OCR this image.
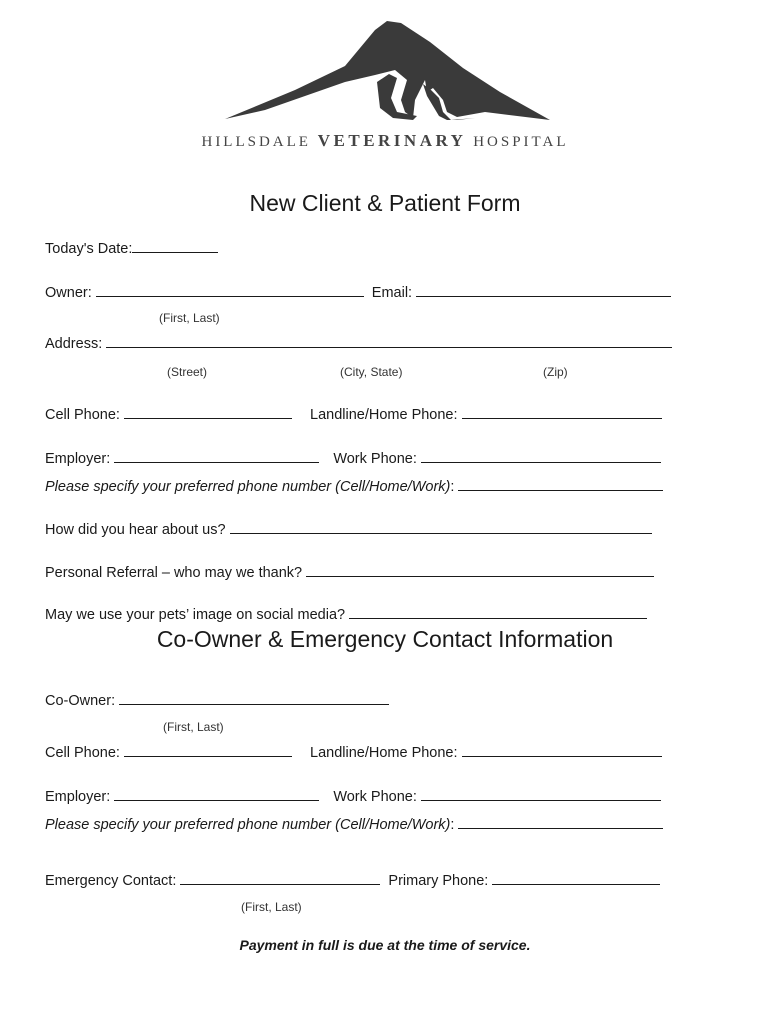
HILLSDALE VETERINARY HOSPITAL
New Client & Patient Form
Today's Date:
Owner:	Email:
(First, Last)
Address:
(Street)	(City, State)	(Zip)
Cell Phone:	Landline/Home Phone:
Employer:	Work Phone:
Please specify your preferred phone number (Cell/Home/Work):
How did you hear about us?
Personal Referral – who may we thank?
May we use your pets’ image on social media?
Co-Owner & Emergency Contact Information
Co-Owner:
(First, Last)
Cell Phone:	Landline/Home Phone:
Employer:	Work Phone:
Please specify your preferred phone number (Cell/Home/Work):
Emergency Contact:	Primary Phone:
(First, Last)
Payment in full is due at the time of service.
